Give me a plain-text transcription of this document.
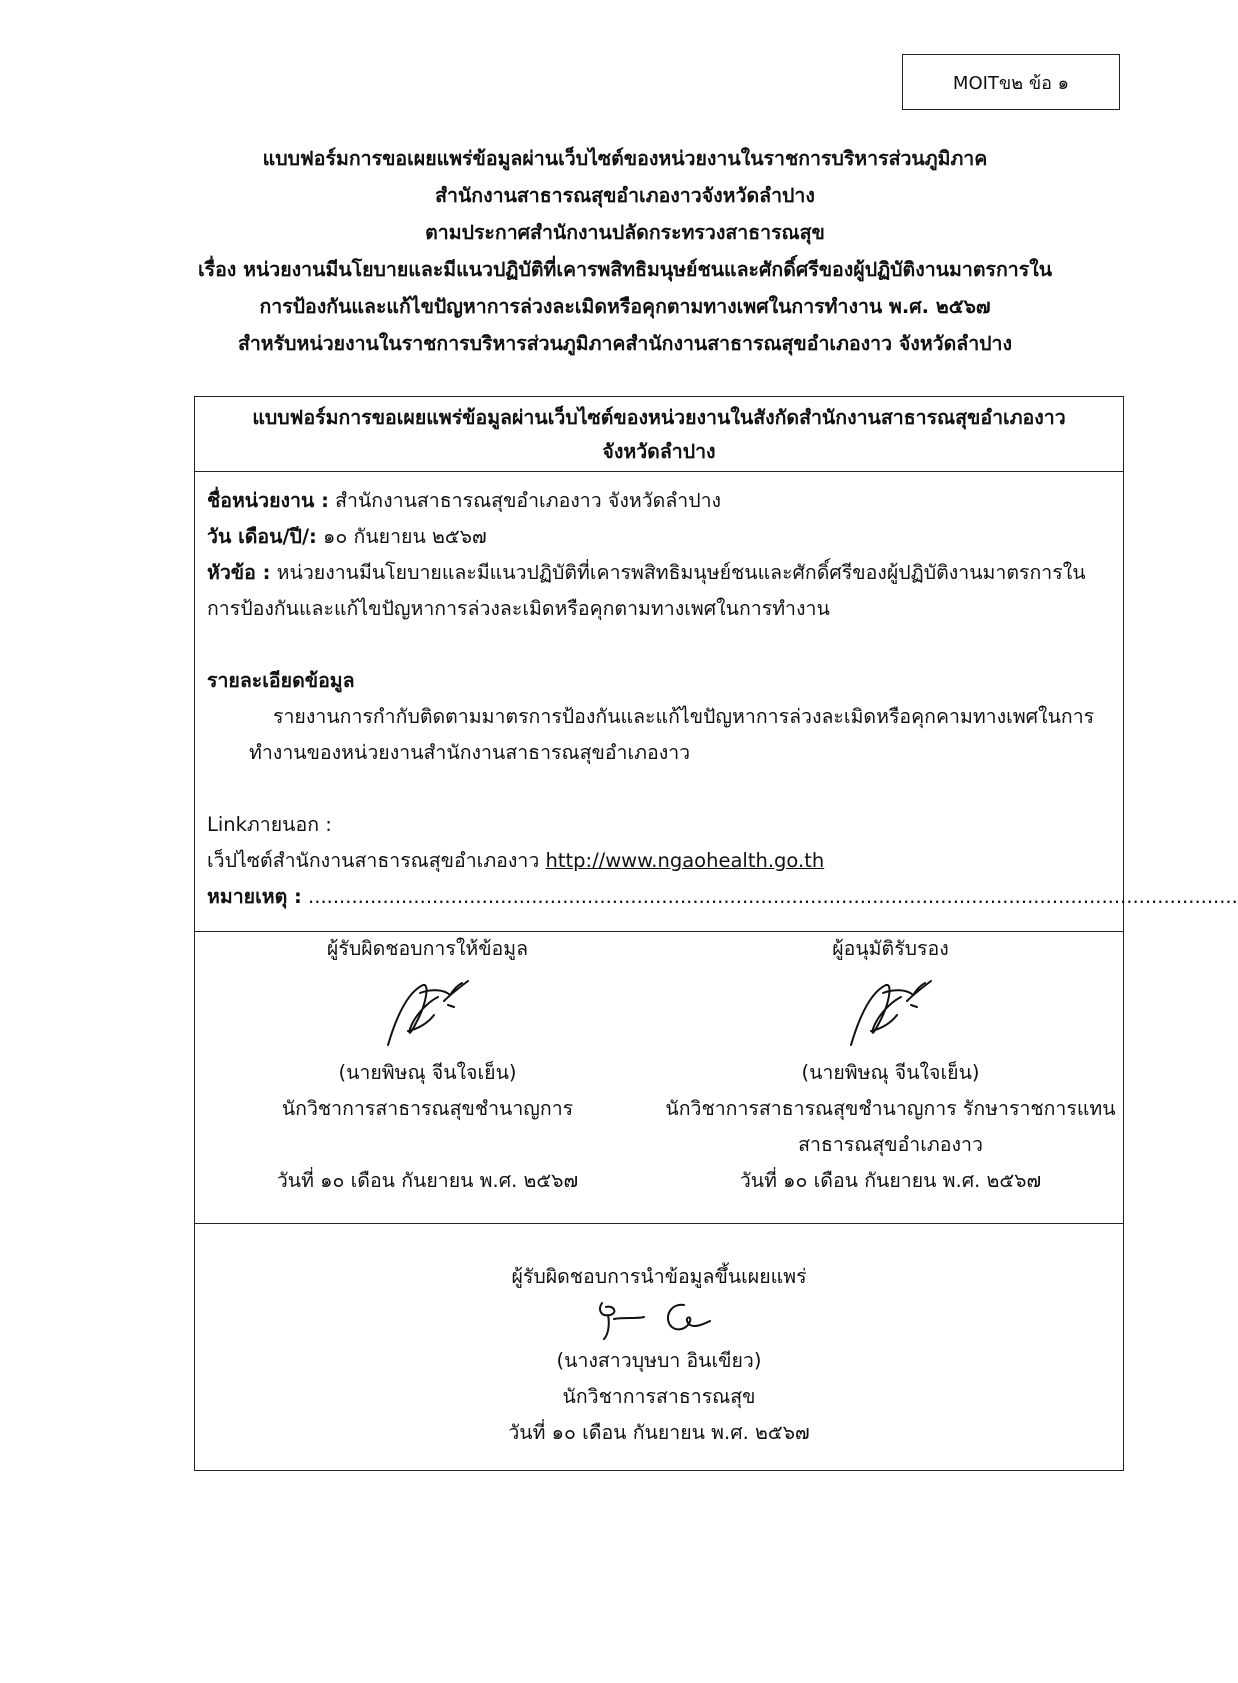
MOITข๒ ข้อ ๑
แบบฟอร์มการขอเผยแพร่ข้อมูลผ่านเว็บไซต์ของหน่วยงานในราชการบริหารส่วนภูมิภาค
สำนักงานสาธารณสุขอำเภองาวจังหวัดลำปาง
ตามประกาศสำนักงานปลัดกระทรวงสาธารณสุข
เรื่อง หน่วยงานมีนโยบายและมีแนวปฏิบัติที่เคารพสิทธิมนุษย์ชนและศักดิ์ศรีของผู้ปฏิบัติงานมาตรการใน
การป้องกันและแก้ไขปัญหาการล่วงละเมิดหรือคุกตามทางเพศในการทำงาน พ.ศ. ๒๕๖๗
สำหรับหน่วยงานในราชการบริหารส่วนภูมิภาคสำนักงานสาธารณสุขอำเภองาว จังหวัดลำปาง
แบบฟอร์มการขอเผยแพร่ข้อมูลผ่านเว็บไซต์ของหน่วยงานในสังกัดสำนักงานสาธารณสุขอำเภองาว
จังหวัดลำปาง
ชื่อหน่วยงาน : สำนักงานสาธารณสุขอำเภองาว จังหวัดลำปาง
วัน เดือน/ปี/: ๑๐ กันยายน ๒๕๖๗
หัวข้อ : หน่วยงานมีนโยบายและมีแนวปฏิบัติที่เคารพสิทธิมนุษย์ชนและศักดิ์ศรีของผู้ปฏิบัติงานมาตรการใน
การป้องกันและแก้ไขปัญหาการล่วงละเมิดหรือคุกตามทางเพศในการทำงาน
รายละเอียดข้อมูล
รายงานการกำกับติดตามมาตรการป้องกันและแก้ไขปัญหาการล่วงละเมิดหรือคุกคามทางเพศในการ
ทำงานของหน่วยงานสำนักงานสาธารณสุขอำเภองาว
Linkภายนอก :
เว็ปไซต์สำนักงานสาธารณสุขอำเภองาว http://www.ngaohealth.go.th
หมายเหตุ : ......................................................................................................................................................
ผู้รับผิดชอบการให้ข้อมูล
(นายพิษณุ จีนใจเย็น)
นักวิชาการสาธารณสุขชำนาญการ
วันที่ ๑๐ เดือน กันยายน พ.ศ. ๒๕๖๗
ผู้อนุมัติรับรอง
(นายพิษณุ จีนใจเย็น)
นักวิชาการสาธารณสุขชำนาญการ รักษาราชการแทน
สาธารณสุขอำเภองาว
วันที่ ๑๐ เดือน กันยายน พ.ศ. ๒๕๖๗
ผู้รับผิดชอบการนำข้อมูลขึ้นเผยแพร่
(นางสาวบุษบา อินเขียว)
นักวิชาการสาธารณสุข
วันที่ ๑๐ เดือน กันยายน พ.ศ. ๒๕๖๗
